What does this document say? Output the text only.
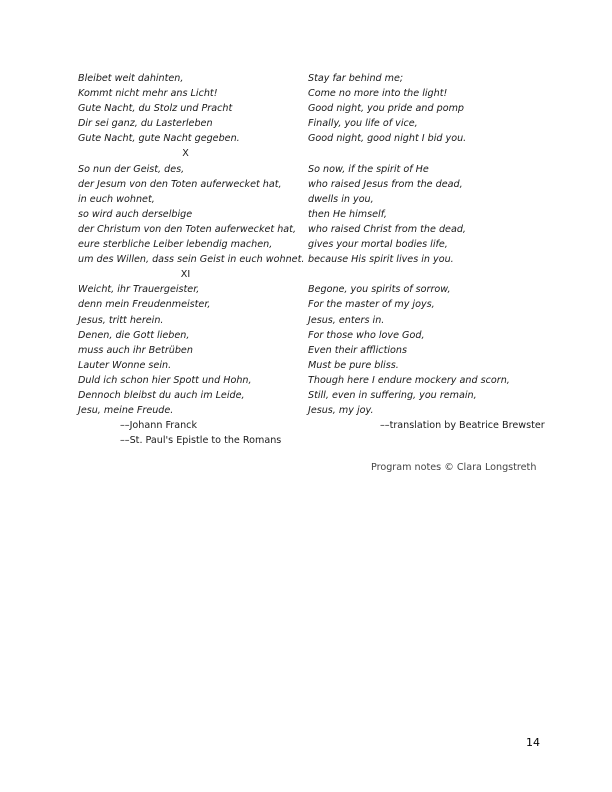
Bleibet weit dahinten,
Kommt nicht mehr ans Licht!
Gute Nacht, du Stolz und Pracht
Dir sei ganz, du Lasterleben
Gute Nacht, gute Nacht gegeben.
X
So nun der Geist, des,
der Jesum von den Toten auferwecket hat,
in euch wohnet,
so wird auch derselbige
der Christum von den Toten auferwecket hat,
eure sterbliche Leiber lebendig machen,
um des Willen, dass sein Geist in euch wohnet.
XI
Weicht, ihr Trauergeister,
denn mein Freudenmeister,
Jesus, tritt herein.
Denen, die Gott lieben,
muss auch ihr Betrüben
Lauter Wonne sein.
Duld ich schon hier Spott und Hohn,
Dennoch bleibst du auch im Leide,
Jesu, meine Freude.
––Johann Franck
––St. Paul's Epistle to the Romans
Stay far behind me;
Come no more into the light!
Good night, you pride and pomp
Finally, you life of vice,
Good night, good night I bid you.
So now, if the spirit of He
who raised Jesus from the dead,
dwells in you,
then He himself,
who raised Christ from the dead,
gives your mortal bodies life,
because His spirit lives in you.
Begone, you spirits of sorrow,
For the master of my joys,
Jesus, enters in.
For those who love God,
Even their afflictions
Must be pure bliss.
Though here I endure mockery and scorn,
Still, even in suffering, you remain,
Jesus, my joy.
––translation by Beatrice Brewster
Program notes © Clara Longstreth
14
